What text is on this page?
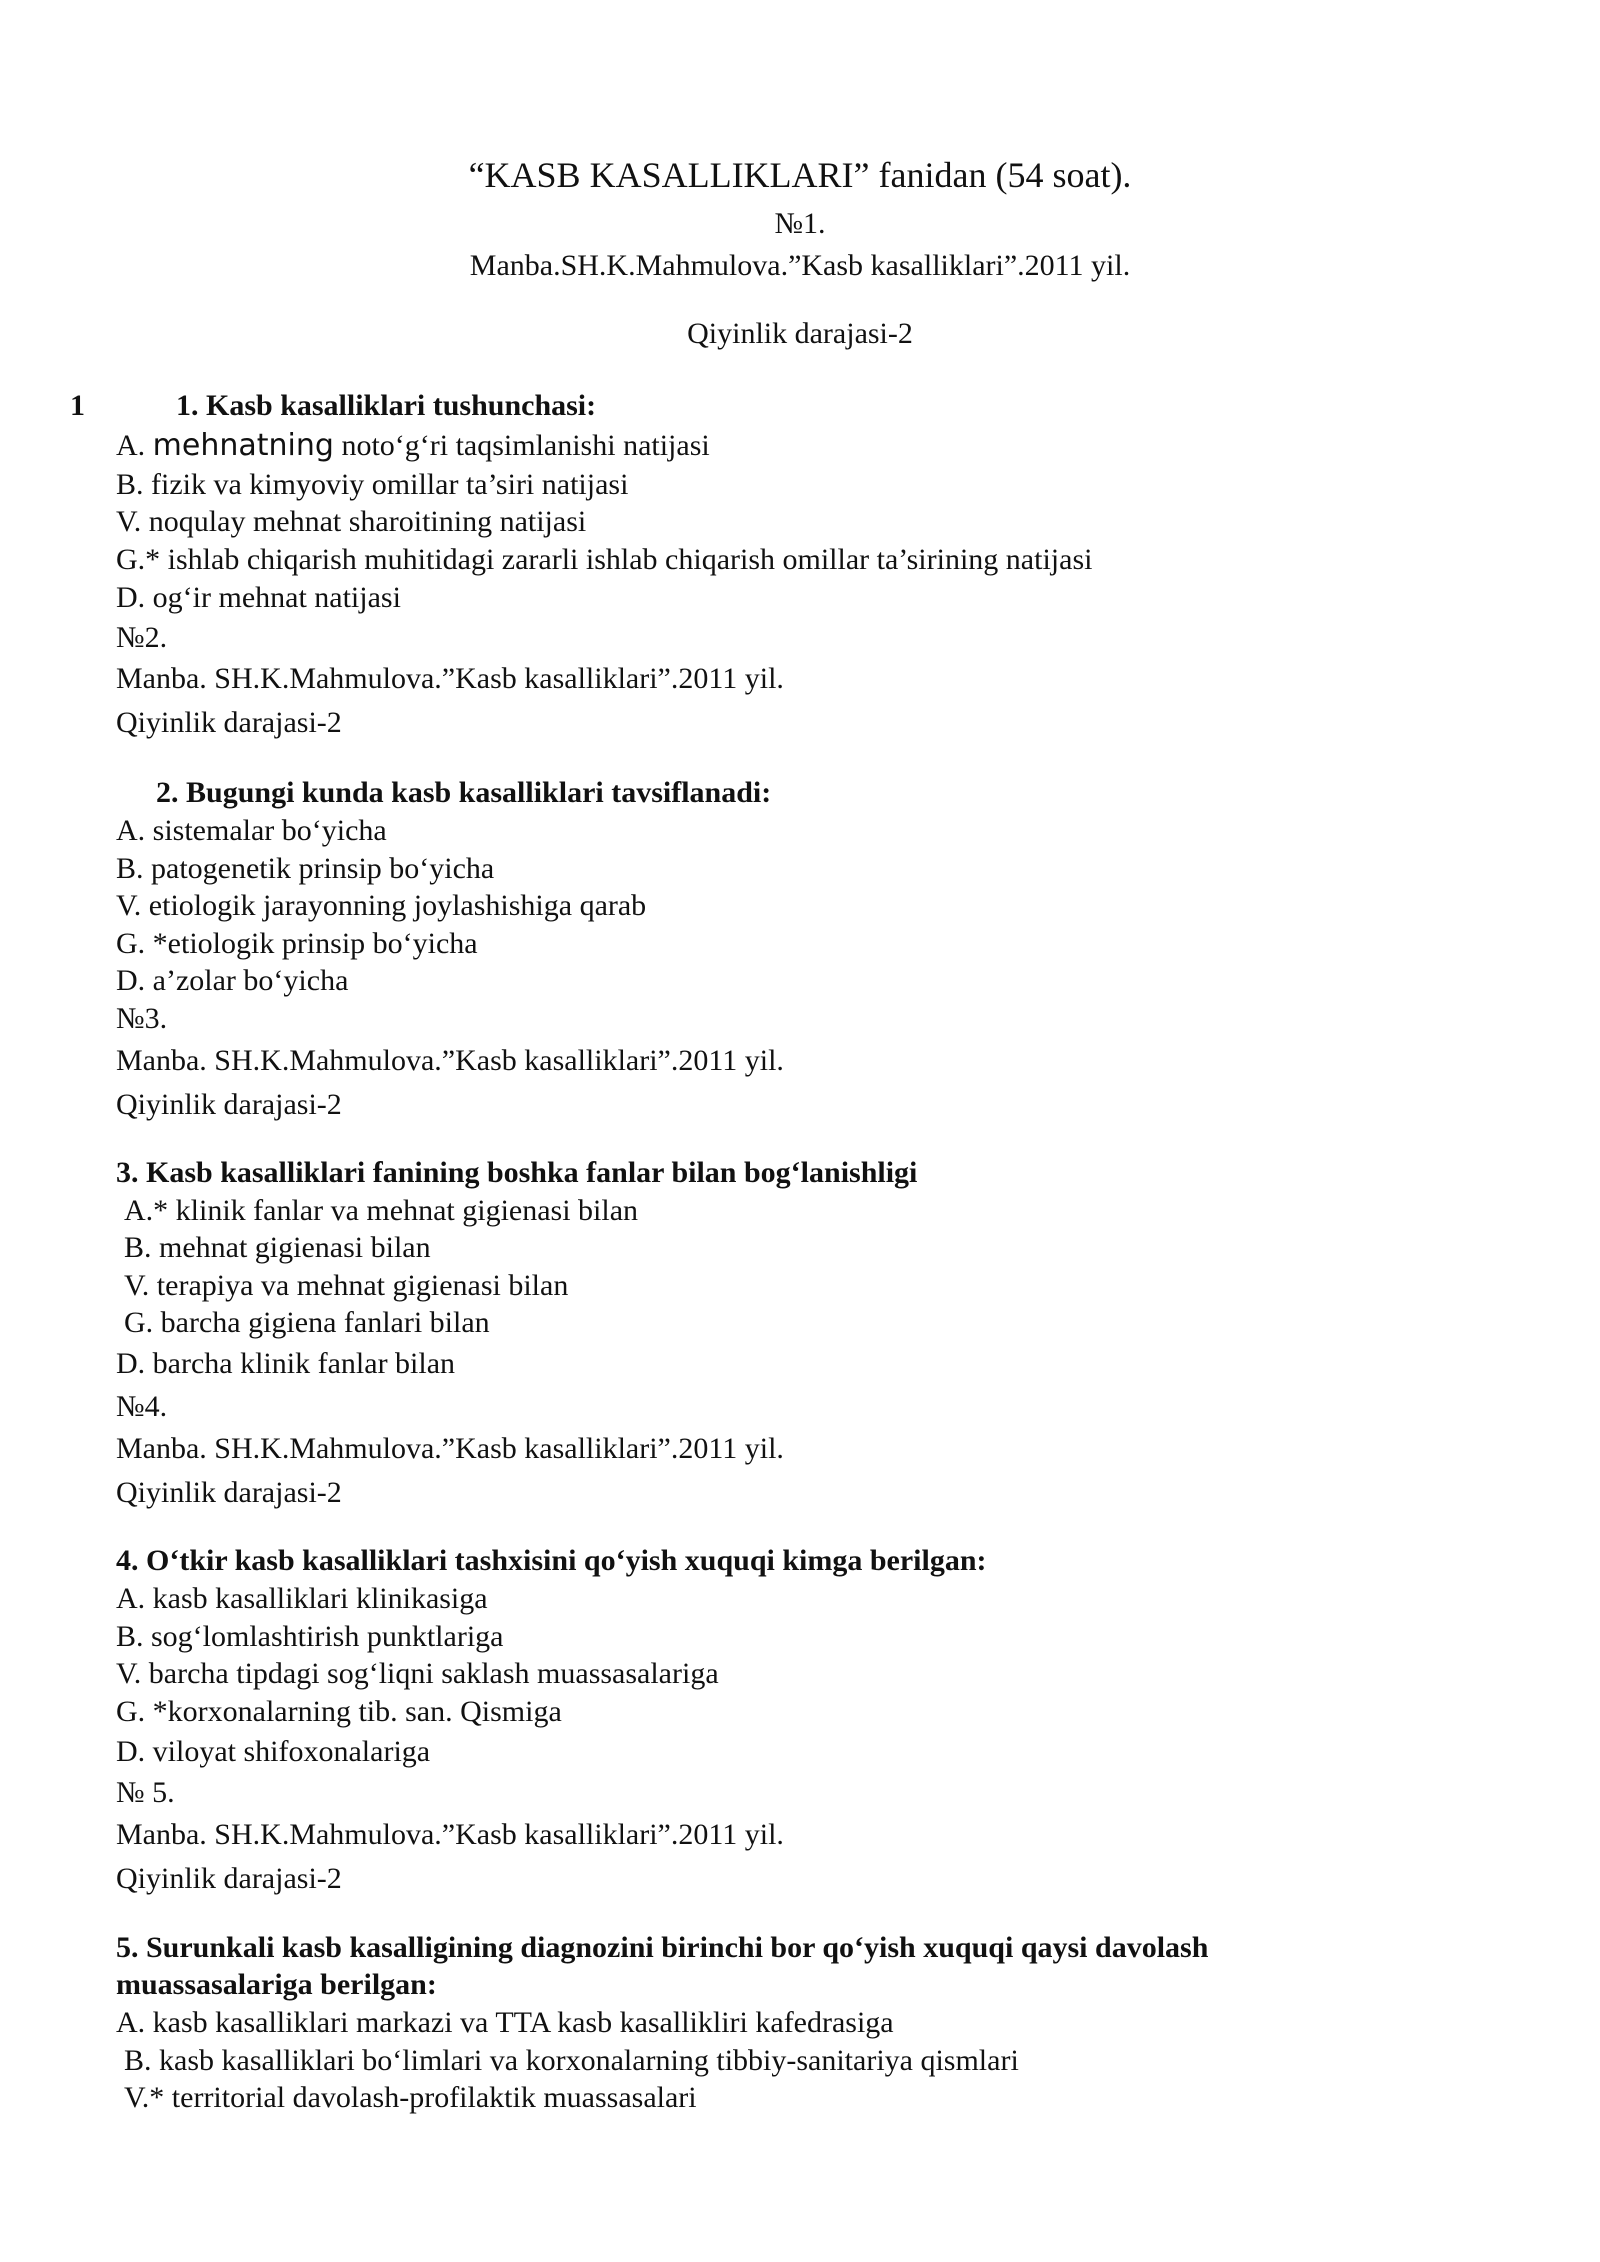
“KASB KASALLIKLARI” fanidan (54 soat).
№1.
Manba.SH.K.Mahmulova.”Kasb kasalliklari”.2011 yil.
Qiyinlik darajasi-2
1	1. Kasb kasalliklari tushunchasi:
A. mehnatning noto‘g‘ri taqsimlanishi natijasi
B. fizik va kimyoviy omillar ta’siri natijasi
V. noqulay mehnat sharoitining natijasi
G.* ishlab chiqarish muhitidagi zararli ishlab chiqarish omillar ta’sirining natijasi
D. og‘ir mehnat natijasi
№2.
Manba. SH.K.Mahmulova.”Kasb kasalliklari”.2011 yil.
Qiyinlik darajasi-2
2. Bugungi kunda kasb kasalliklari tavsiflanadi:
A. sistemalar bo‘yicha
B. patogenetik prinsip bo‘yicha
V. etiologik jarayonning joylashishiga qarab
G. *etiologik prinsip bo‘yicha
D. a’zolar bo‘yicha
№3.
Manba. SH.K.Mahmulova.”Kasb kasalliklari”.2011 yil.
Qiyinlik darajasi-2
3. Kasb kasalliklari fanining boshka fanlar bilan bog‘lanishligi
A.* klinik fanlar va mehnat gigienasi bilan
B. mehnat gigienasi bilan
V. terapiya va mehnat gigienasi bilan
G. barcha gigiena fanlari bilan
D. barcha klinik fanlar bilan
№4.
Manba. SH.K.Mahmulova.”Kasb kasalliklari”.2011 yil.
Qiyinlik darajasi-2
4. O‘tkir kasb kasalliklari tashxisini qo‘yish xuquqi kimga berilgan:
A. kasb kasalliklari klinikasiga
B. sog‘lomlashtirish punktlariga
V. barcha tipdagi sog‘liqni saklash muassasalariga
G. *korxonalarning tib. san. Qismiga
D. viloyat shifoxonalariga
№ 5.
Manba. SH.K.Mahmulova.”Kasb kasalliklari”.2011 yil.
Qiyinlik darajasi-2
5. Surunkali kasb kasalligining diagnozini birinchi bor qo‘yish xuquqi qaysi davolash
muassasalariga berilgan:
A. kasb kasalliklari markazi va TTA kasb kasallikliri kafedrasiga
B. kasb kasalliklari bo‘limlari va korxonalarning tibbiy-sanitariya qismlari
V.* territorial davolash-profilaktik muassasalari
